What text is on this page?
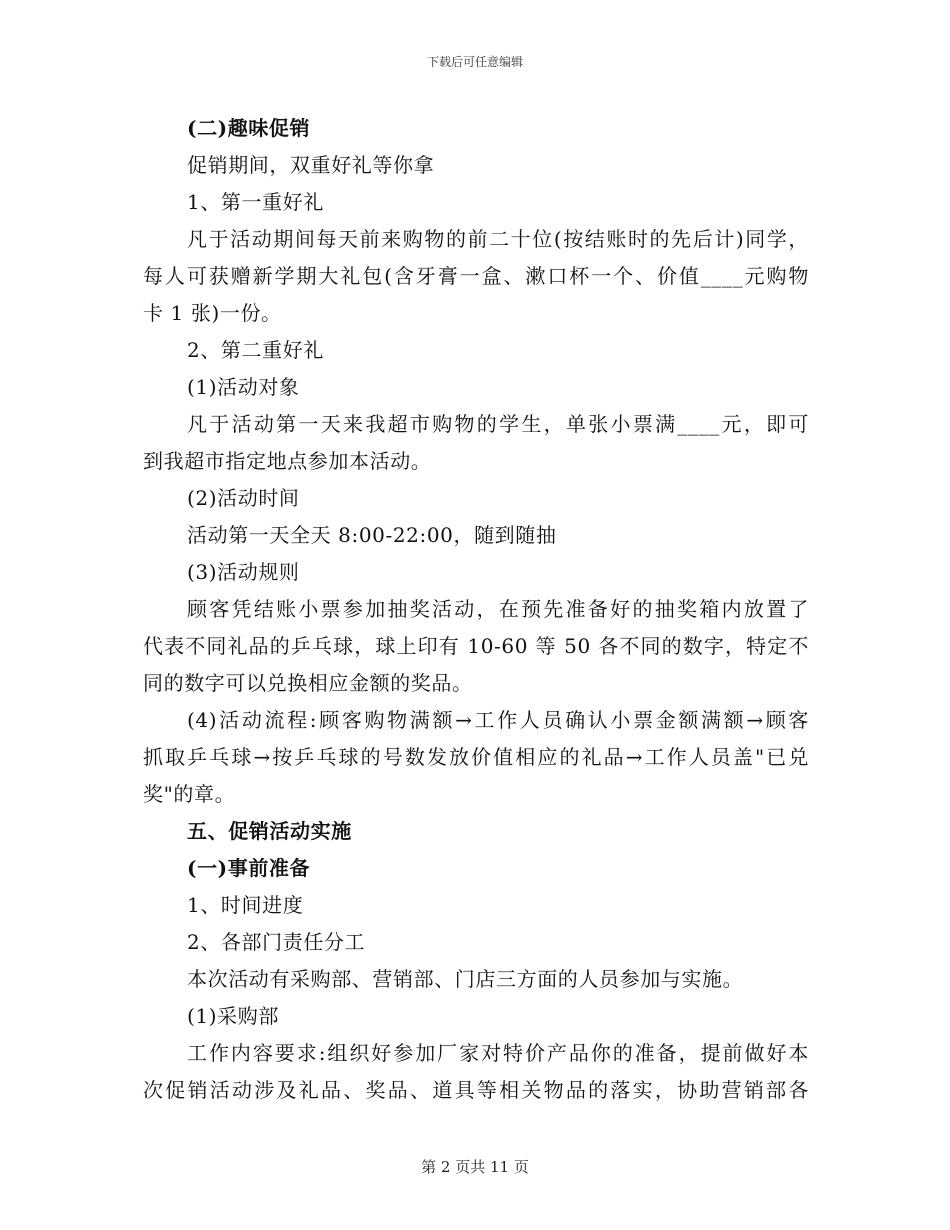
下载后可任意编辑
(二)趣味促销
促销期间，双重好礼等你拿
1、第一重好礼
凡于活动期间每天前来购物的前二十位(按结账时的先后计)同学，
每人可获赠新学期大礼包(含牙膏一盒、漱口杯一个、价值____元购物
卡 1 张)一份。
2、第二重好礼
(1)活动对象
凡于活动第一天来我超市购物的学生，单张小票满____元，即可
到我超市指定地点参加本活动。
(2)活动时间
活动第一天全天 8:00-22:00，随到随抽
(3)活动规则
顾客凭结账小票参加抽奖活动，在预先准备好的抽奖箱内放置了
代表不同礼品的乒乓球，球上印有 10-60 等 50 各不同的数字，特定不
同的数字可以兑换相应金额的奖品。
(4)活动流程:顾客购物满额→工作人员确认小票金额满额→顾客
抓取乒乓球→按乒乓球的号数发放价值相应的礼品→工作人员盖"已兑
奖"的章。
五、促销活动实施
(一)事前准备
1、时间进度
2、各部门责任分工
本次活动有采购部、营销部、门店三方面的人员参加与实施。
(1)采购部
工作内容要求:组织好参加厂家对特价产品你的准备，提前做好本
次促销活动涉及礼品、奖品、道具等相关物品的落实，协助营销部各
第 2 页共 11 页
